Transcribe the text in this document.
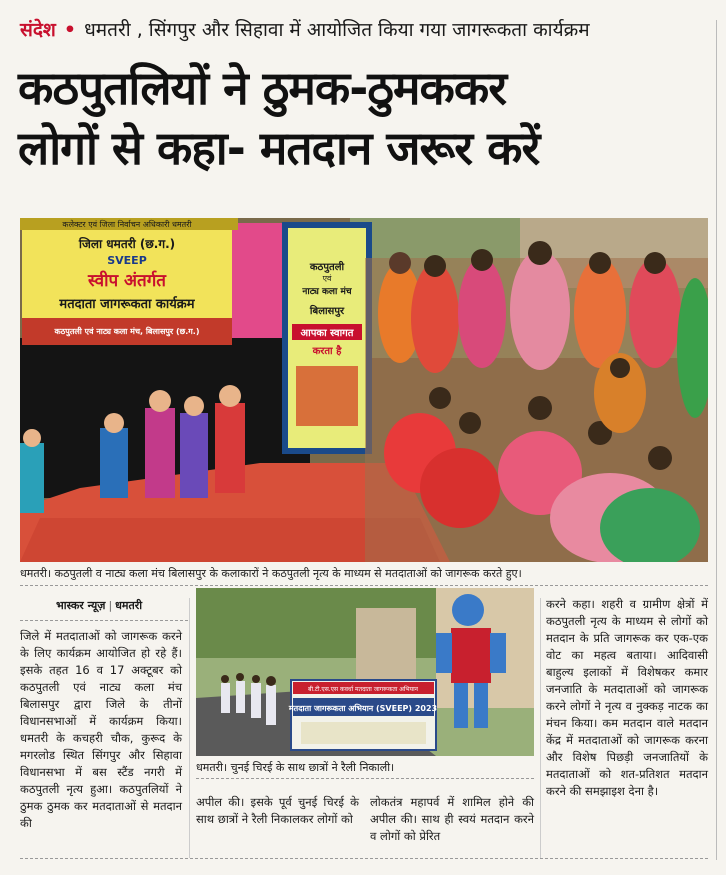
संदेश • धमतरी , सिंगपुर और सिहावा में आयोजित किया गया जागरूकता कार्यक्रम
कठपुतलियों ने ठुमक-ठुमककर
लोगों से कहा- मतदान जरूर करें
कलेक्टर एवं जिला निर्वाचन अधिकारी धमतरी
जिला धमतरी (छ.ग.)
SVEEP
स्वीप अंतर्गत
मतदाता जागरूकता कार्यक्रम
कठपुतली एवं नाट्य कला मंच, बिलासपुर (छ.ग.)
कठपुतली
एवं
नाट्य कला मंच
बिलासपुर
आपका स्वागत
करता है
धमतरी। कठपुतली व नाट्य कला मंच बिलासपुर के कलाकारों ने कठपुतली नृत्य के माध्यम से मतदाताओं को जागरूक करते हुए।
भास्कर न्यूज़ | धमतरी

जिले में मतदाताओं को जागरूक करने के लिए कार्यक्रम आयोजित हो रहे हैं। इसके तहत 16 व 17 अक्टूबर को कठपुतली एवं नाट्य कला मंच बिलासपुर द्वारा जिले के तीनों विधानसभाओं में कार्यक्रम किया। धमतरी के कचहरी चौक, कुरूद के मगरलोड स्थित सिंगपुर और सिहावा विधानसभा में बस स्टैंड नगरी में कठपुतली नृत्य हुआ। कठपुतलियों ने ठुमक ठुमक कर मतदाताओं से मतदान की

बी.टी.एस.एस कवर्धा मतदाता जागरूकता अभियान
मतदाता जागरूकता अभियान (SVEEP) 2023
धमतरी। चुनई चिरई के साथ छात्रों ने रैली निकाली।

अपील की। इसके पूर्व चुनई चिरई के साथ छात्रों ने रैली निकालकर लोगों को

लोकतंत्र महापर्व में शामिल होने की अपील की। साथ ही स्वयं मतदान करने व लोगों को प्रेरित

करने कहा। शहरी व ग्रामीण क्षेत्रों में कठपुतली नृत्य के माध्यम से लोगों को मतदान के प्रति जागरूक कर एक-एक वोट का महत्व बताया। आदिवासी बाहुल्य इलाकों में विशेषकर कमार जनजाति के मतदाताओं को जागरूक करने लोगों ने नृत्य व नुक्कड़ नाटक का मंचन किया। कम मतदान वाले मतदान केंद्र में मतदाताओं को जागरूक करना और विशेष पिछड़ी जनजातियों के मतदाताओं को शत-प्रतिशत मतदान करने की समझाइश देना है।
